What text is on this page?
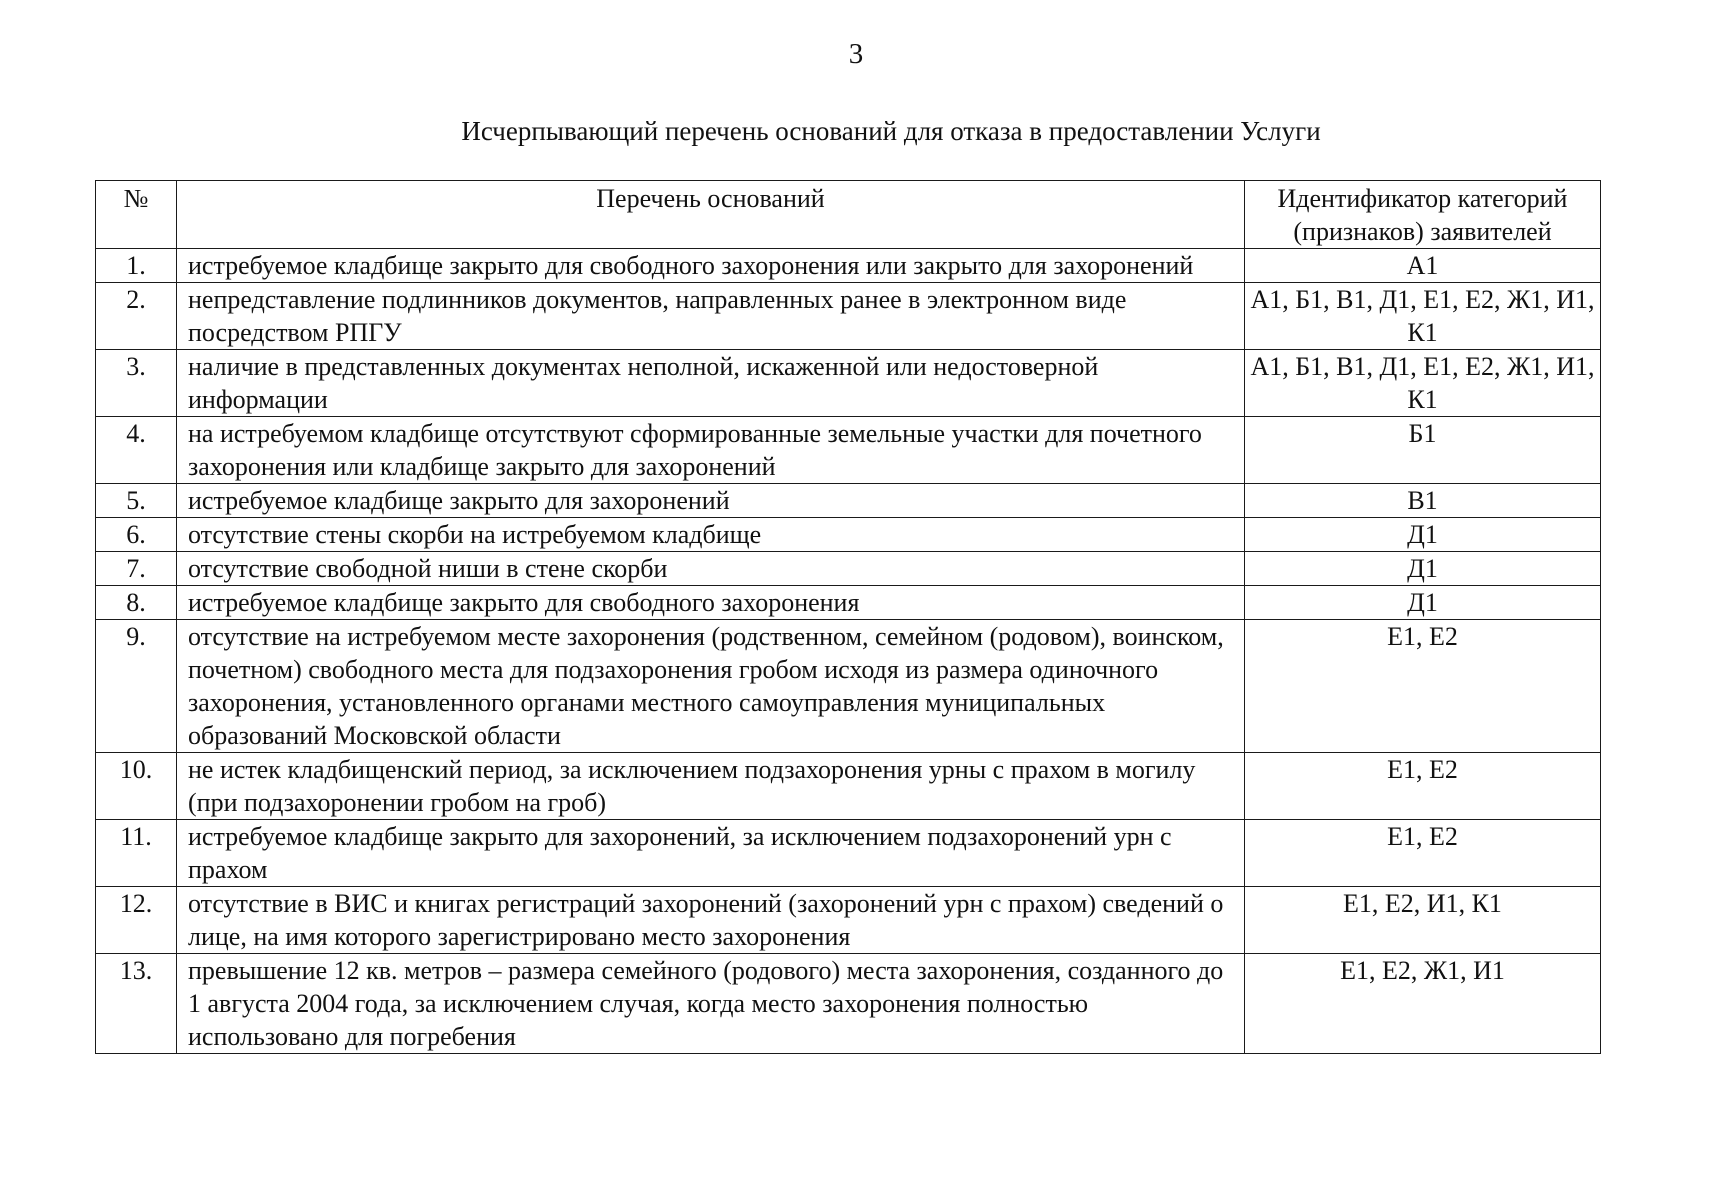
3
Исчерпывающий перечень оснований для отказа в предоставлении Услуги
№	Перечень оснований	Идентификатор категорий (признаков) заявителей
1.	истребуемое кладбище закрыто для свободного захоронения или закрыто для захоронений	А1
2.	непредставление подлинников документов, направленных ранее в электронном виде посредством РПГУ	А1, Б1, В1, Д1, Е1, Е2, Ж1, И1, К1
3.	наличие в представленных документах неполной, искаженной или недостоверной информации	А1, Б1, В1, Д1, Е1, Е2, Ж1, И1, К1
4.	на истребуемом кладбище отсутствуют сформированные земельные участки для почетного захоронения или кладбище закрыто для захоронений	Б1
5.	истребуемое кладбище закрыто для захоронений	В1
6.	отсутствие стены скорби на истребуемом кладбище	Д1
7.	отсутствие свободной ниши в стене скорби	Д1
8.	истребуемое кладбище закрыто для свободного захоронения	Д1
9.	отсутствие на истребуемом месте захоронения (родственном, семейном (родовом), воинском, почетном) свободного места для подзахоронения гробом исходя из размера одиночного захоронения, установленного органами местного самоуправления муниципальных образований Московской области	Е1, Е2
10.	не истек кладбищенский период, за исключением подзахоронения урны с прахом в могилу (при подзахоронении гробом на гроб)	Е1, Е2
11.	истребуемое кладбище закрыто для захоронений, за исключением подзахоронений урн с прахом	Е1, Е2
12.	отсутствие в ВИС и книгах регистраций захоронений (захоронений урн с прахом) сведений о лице, на имя которого зарегистрировано место захоронения	Е1, Е2, И1, К1
13.	превышение 12 кв. метров – размера семейного (родового) места захоронения, созданного до 1 августа 2004 года, за исключением случая, когда место захоронения полностью использовано для погребения	Е1, Е2, Ж1, И1
